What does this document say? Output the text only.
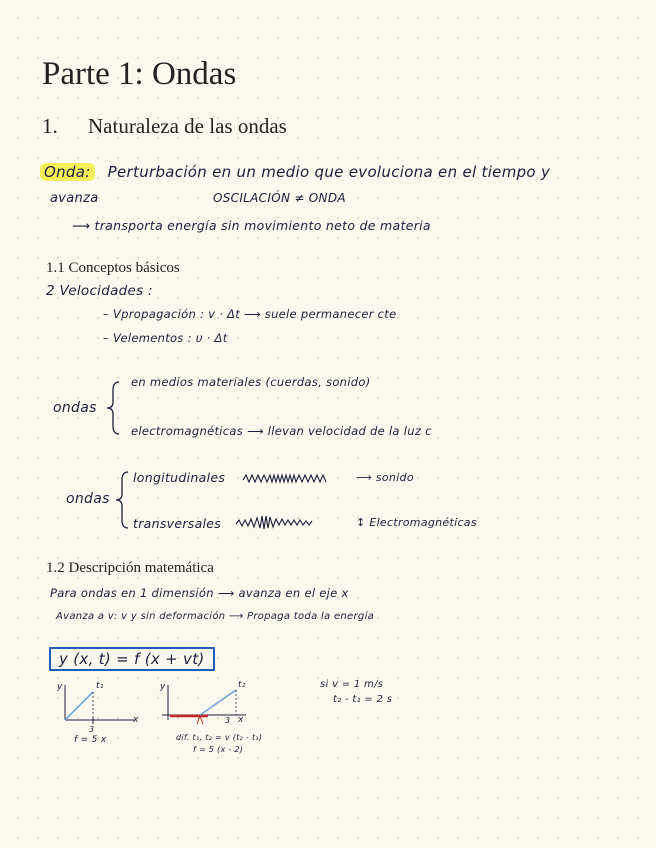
Parte 1: Ondas
1. Naturaleza de las ondas
Onda: Perturbación en un medio que evoluciona en el tiempo y
avanza	OSCILACIÓN ≠ ONDA
⟶ transporta energía sin movimiento neto de materia
1.1 Conceptos básicos
2 Velocidades :
– Vpropagación : v · Δt ⟶ suele permanecer cte
– Velementos : υ · Δt
ondas
en medios materiales (cuerdas, sonido)
electromagnéticas ⟶ llevan velocidad de la luz c
ondas
longitudinales	⟶ sonido
transversales	↕ Electromagnéticas
1.2 Descripción matemática
Para ondas en 1 dimensión ⟶ avanza en el eje x
Avanza a v: v y sin deformación ⟶ Propaga toda la energía
y (x, t) = f (x + vt)
y	t₁
x
3
f = 5 x
y	t₂
3 x
dif. t₁, t₂ = v (t₂ - t₁)
f = 5 (x - 2)
si v = 1 m/s
t₂ - t₁ = 2 s
